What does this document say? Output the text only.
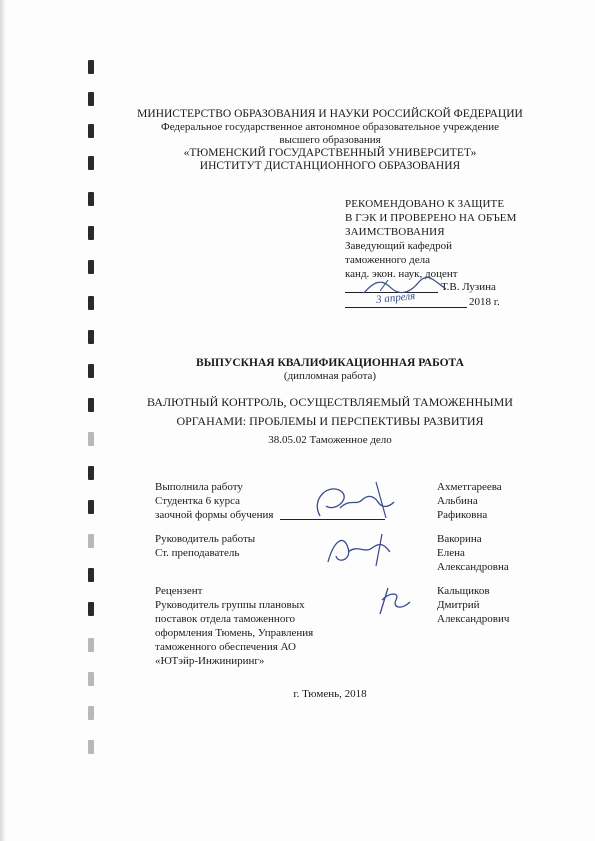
МИНИСТЕРСТВО ОБРАЗОВАНИЯ И НАУКИ РОССИЙСКОЙ ФЕДЕРАЦИИ
Федеральное государственное автономное образовательное учреждение
высшего образования
«ТЮМЕНСКИЙ ГОСУДАРСТВЕННЫЙ УНИВЕРСИТЕТ»
ИНСТИТУТ ДИСТАНЦИОННОГО ОБРАЗОВАНИЯ
РЕКОМЕНДОВАНО К ЗАЩИТЕ
В ГЭК И ПРОВЕРЕНО НА ОБЪЕМ
ЗАИМСТВОВАНИЯ
Заведующий кафедрой
таможенного дела
канд. экон. наук, доцент
Т.В. Лузина
2018 г.
3 апреля
ВЫПУСКНАЯ КВАЛИФИКАЦИОННАЯ РАБОТА
(дипломная работа)
ВАЛЮТНЫЙ КОНТРОЛЬ, ОСУЩЕСТВЛЯЕМЫЙ ТАМОЖЕННЫМИ
ОРГАНАМИ: ПРОБЛЕМЫ И ПЕРСПЕКТИВЫ РАЗВИТИЯ
38.05.02 Таможенное дело
Выполнила работу
Студентка 6 курса
заочной формы обучения
Ахметгареева
Альбина
Рафиковна
Руководитель работы
Ст. преподаватель
Вакорина
Елена
Александровна
Рецензент
Руководитель группы плановых
поставок отдела таможенного
оформления Тюмень, Управления
таможенного обеспечения АО
«ЮТэйр-Инжиниринг»
Кальщиков
Дмитрий
Александрович
г. Тюмень, 2018
